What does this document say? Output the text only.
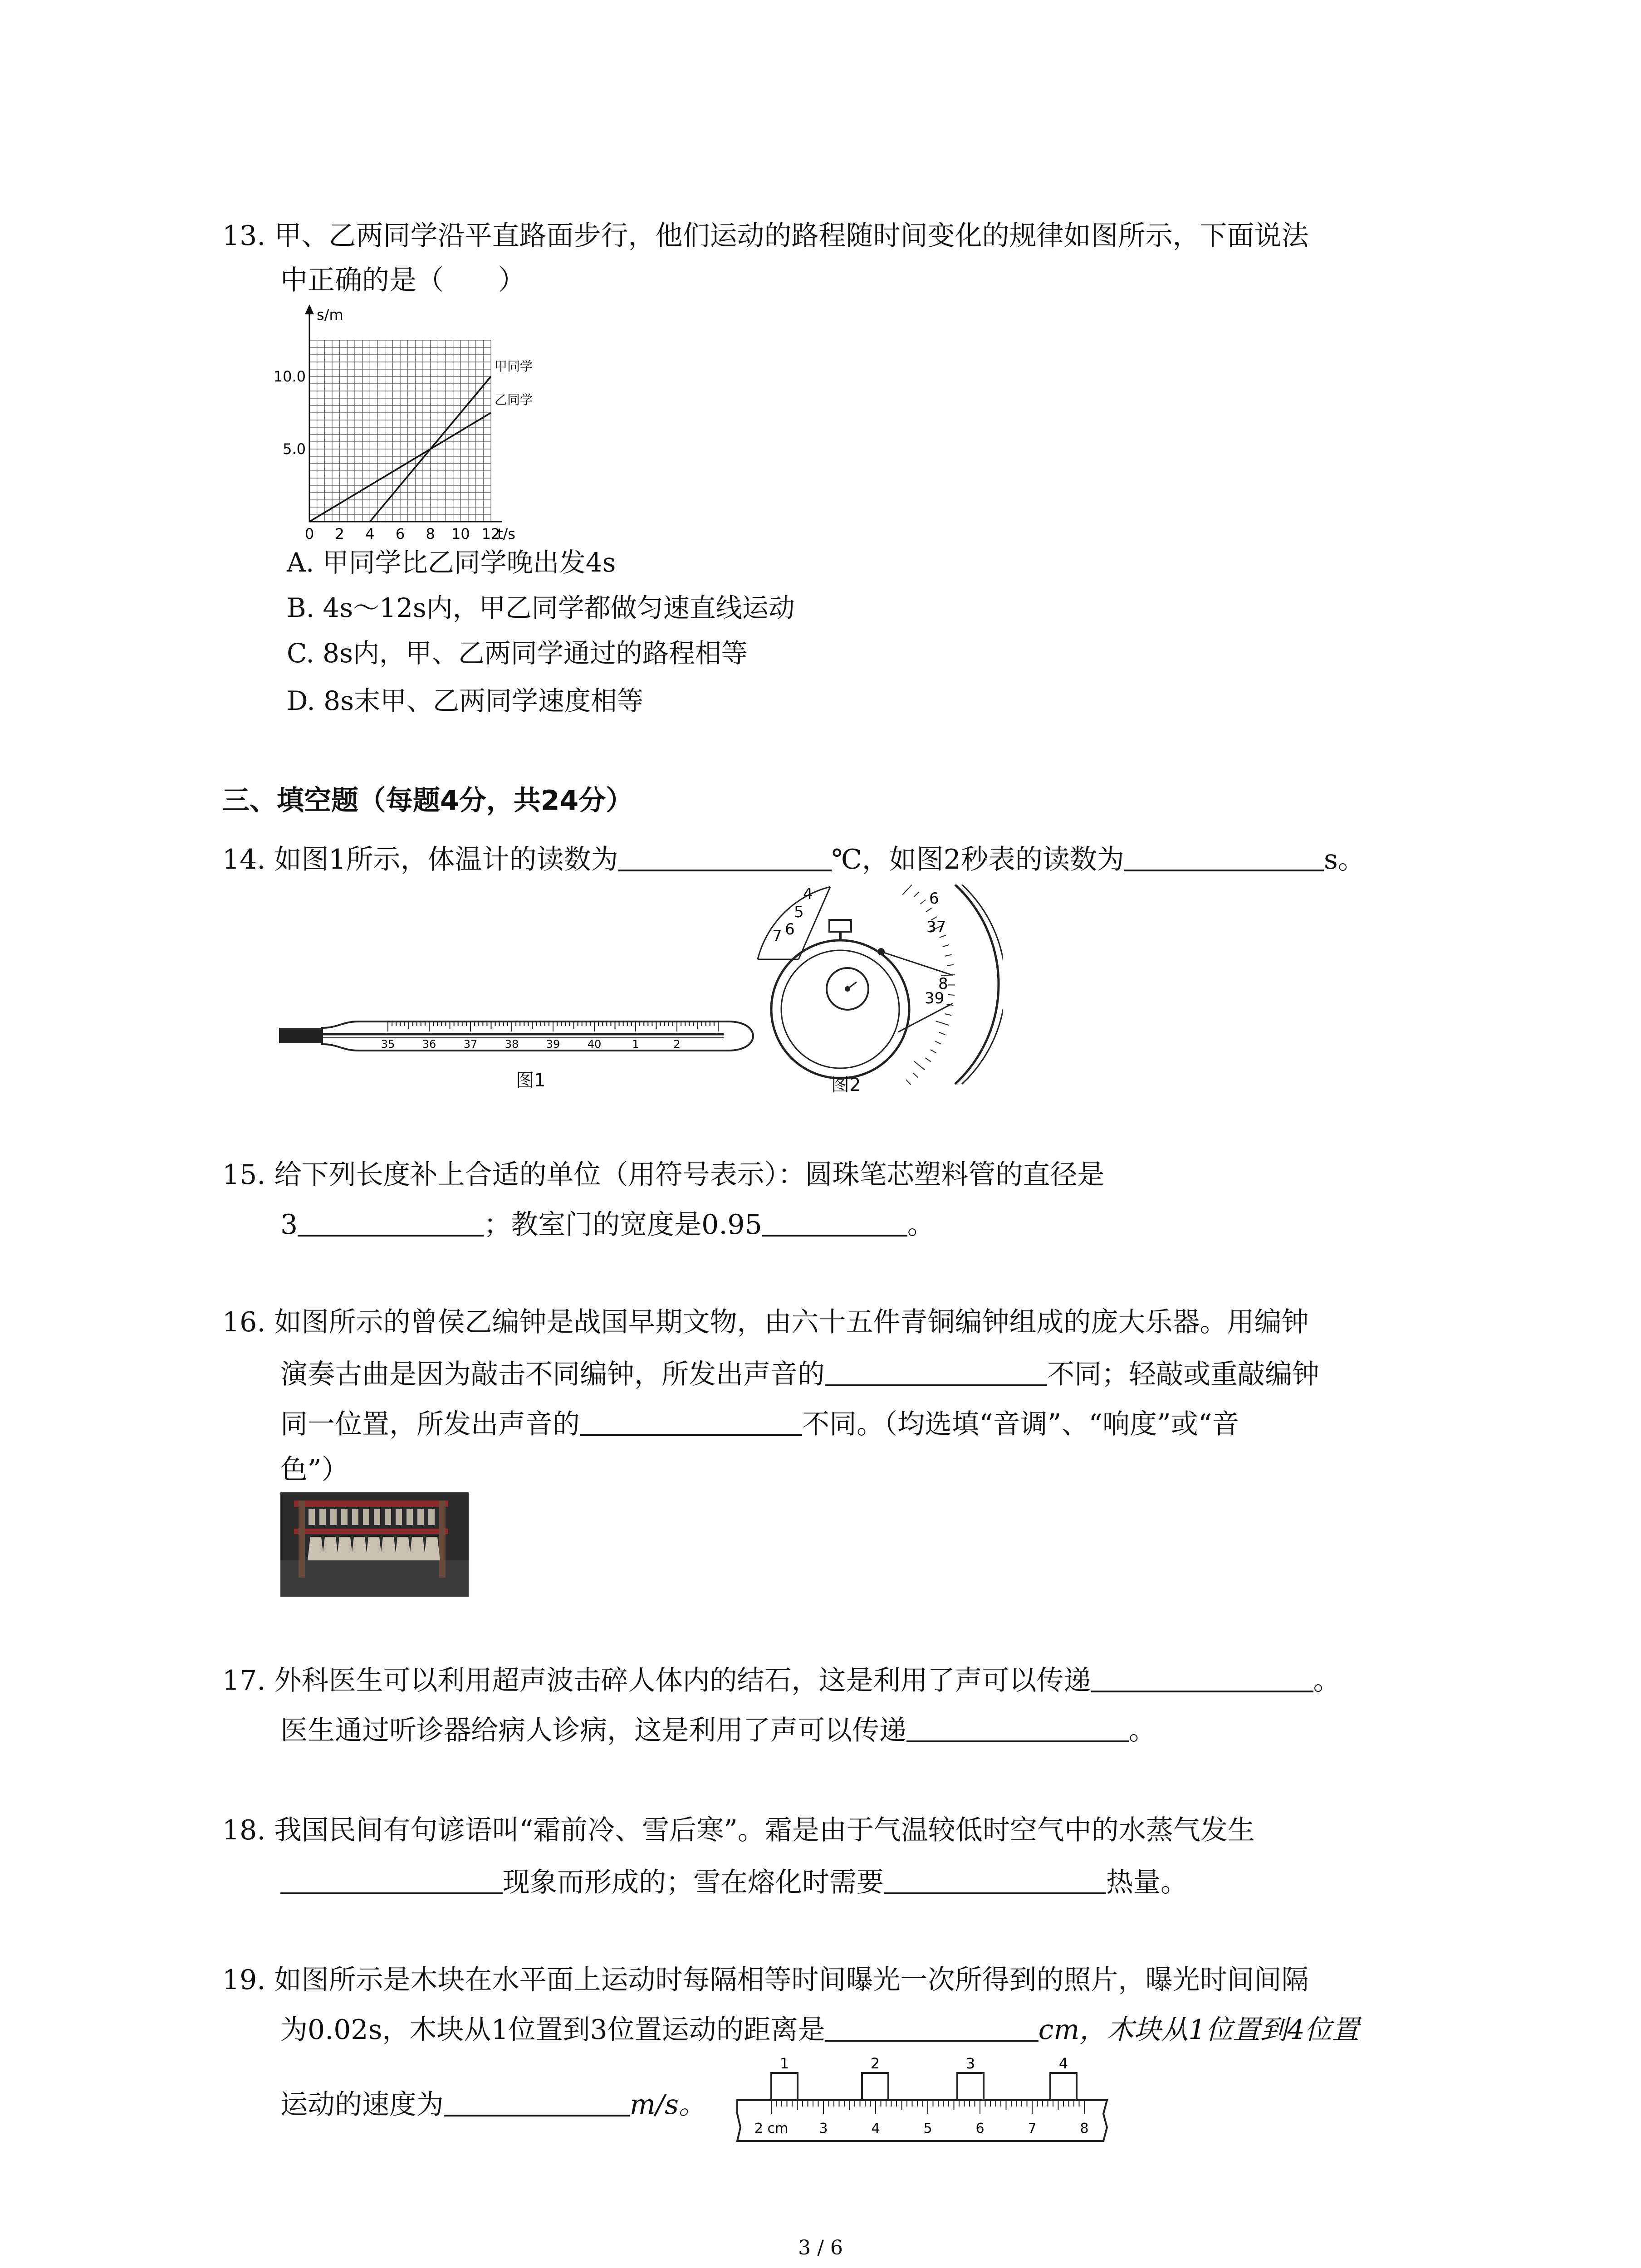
13. 甲、乙两同学沿平直路面步行，他们运动的路程随时间变化的规律如图所示，下面说法
中正确的是（　　）
s/m
t/s
0 2 4 6 8 10 12
5.0
10.0
甲同学
乙同学
A. 甲同学比乙同学晚出发4s
B. 4s～12s内，甲乙同学都做匀速直线运动
C. 8s内，甲、乙两同学通过的路程相等
D. 8s末甲、乙两同学速度相等
三、填空题（每题4分，共24分）
14. 如图1所示，体温计的读数为	℃，如图2秒表的读数为	s。
35	36	37	38	39	40	1	2
图1
4
5
6
7
6
37
8
39
图2
15. 给下列长度补上合适的单位（用符号表示）：圆珠笔芯塑料管的直径是
3	；教室门的宽度是0.95	。
16. 如图所示的曾侯乙编钟是战国早期文物，由六十五件青铜编钟组成的庞大乐器。用编钟
演奏古曲是因为敲击不同编钟，所发出声音的	不同；轻敲或重敲编钟
同一位置，所发出声音的	不同。（均选填“音调”、“响度”或“音
色”）
17. 外科医生可以利用超声波击碎人体内的结石，这是利用了声可以传递	。
医生通过听诊器给病人诊病，这是利用了声可以传递	。
18. 我国民间有句谚语叫“霜前冷、雪后寒”。霜是由于气温较低时空气中的水蒸气发生
现象而形成的；雪在熔化时需要	热量。
19. 如图所示是木块在水平面上运动时每隔相等时间曝光一次所得到的照片，曝光时间间隔
为0.02s，木块从1位置到3位置运动的距离是	cm，木块从1位置到4位置
运动的速度为	m/s。
1	2	3	4
2 cm 3	4	5	6	7	8
3 / 6
